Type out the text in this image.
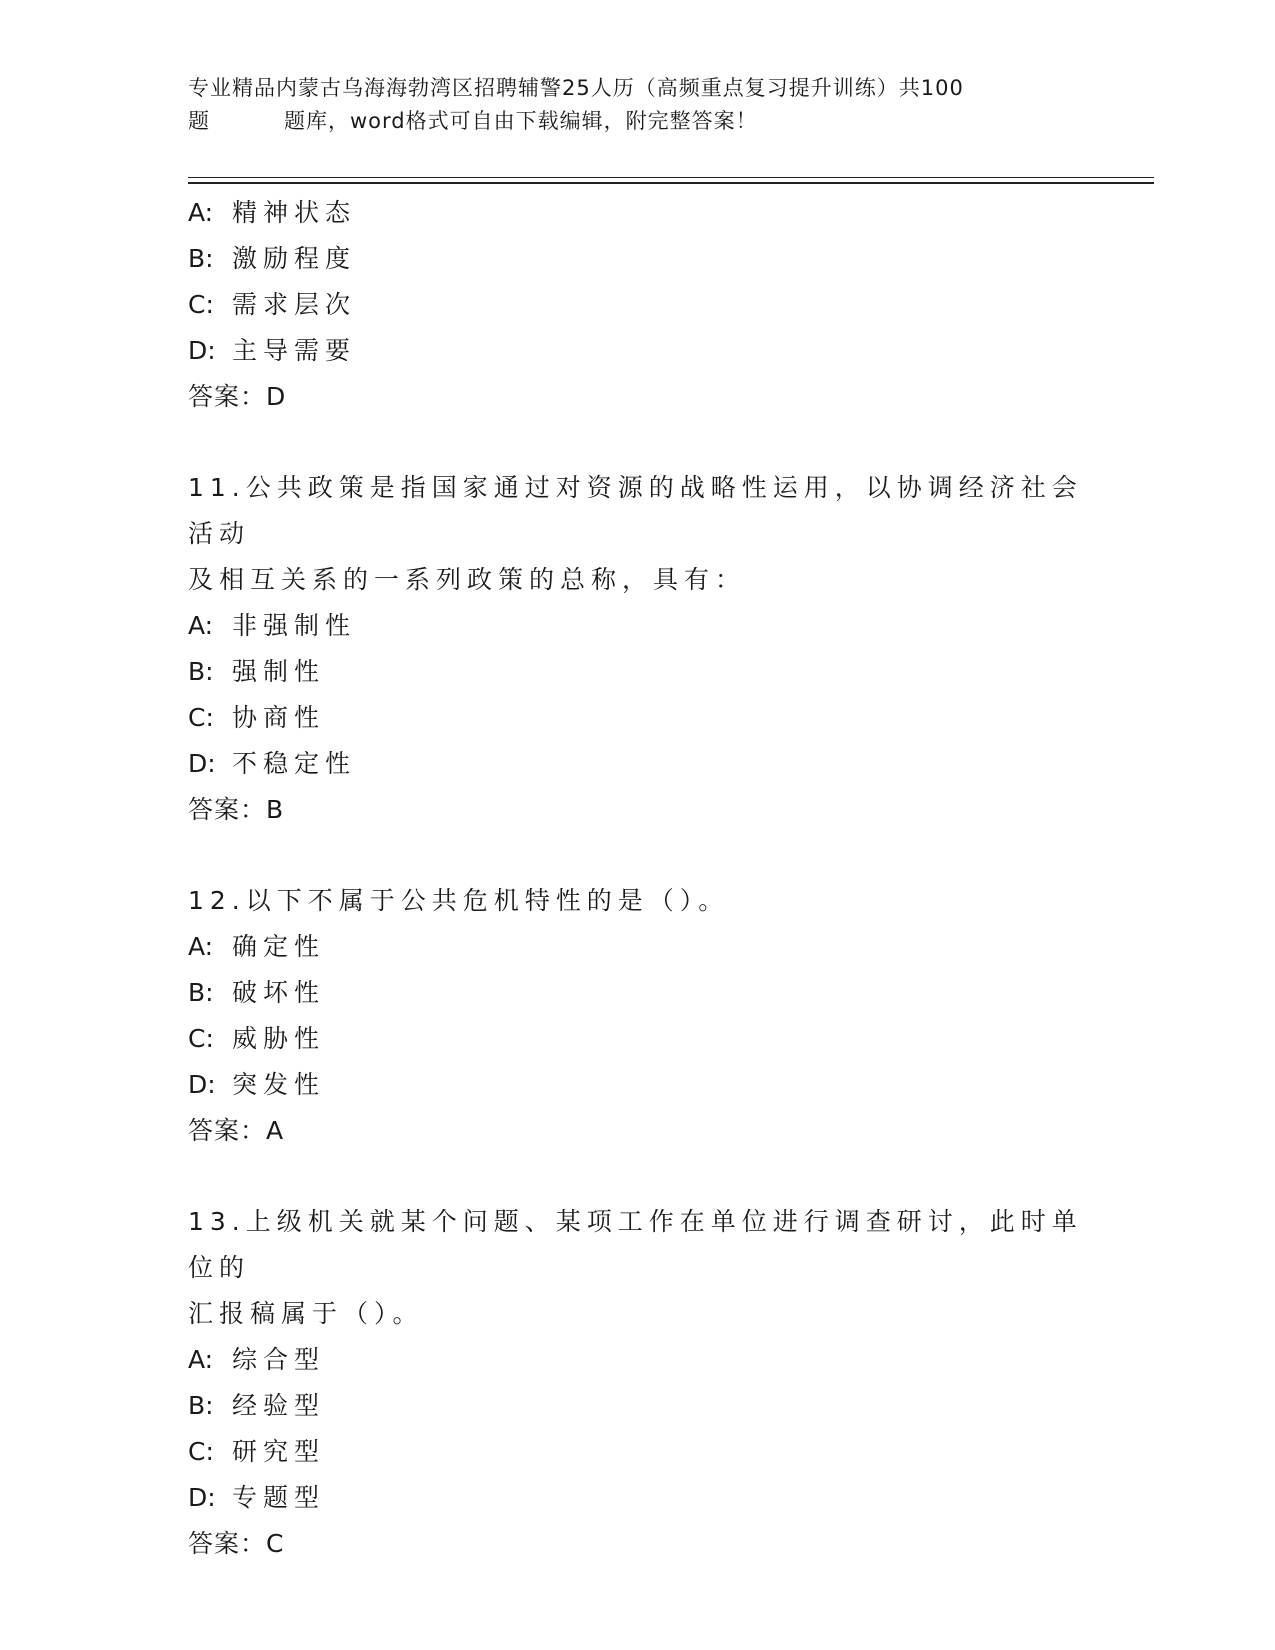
专业精品内蒙古乌海海勃湾区招聘辅警25人历（高频重点复习提升训练）共100
题	题库，word格式可自由下载编辑，附完整答案！
A: 精神状态
B: 激励程度
C: 需求层次
D: 主导需要
答案：D
11.公共政策是指国家通过对资源的战略性运用，以协调经济社会活动
及相互关系的一系列政策的总称，具有：
A: 非强制性
B: 强制性
C: 协商性
D: 不稳定性
答案：B
12.以下不属于公共危机特性的是（）。
A: 确定性
B: 破坏性
C: 威胁性
D: 突发性
答案：A
13.上级机关就某个问题、某项工作在单位进行调查研讨，此时单位的
汇报稿属于（）。
A: 综合型
B: 经验型
C: 研究型
D: 专题型
答案：C
